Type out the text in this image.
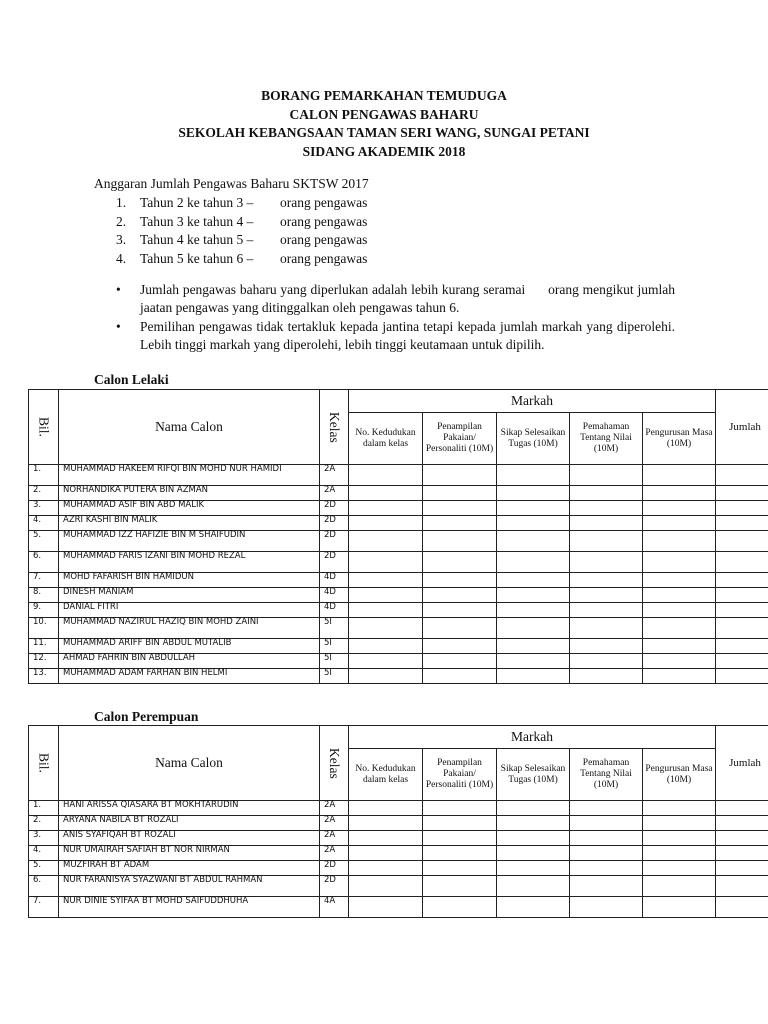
BORANG PEMARKAHAN TEMUDUGA
CALON PENGAWAS BAHARU
SEKOLAH KEBANGSAAN TAMAN SERI WANG, SUNGAI PETANI
SIDANG AKADEMIK 2018
Anggaran Jumlah Pengawas Baharu SKTSW 2017
1.	Tahun 2 ke tahun 3 –	orang pengawas
2.	Tahun 3 ke tahun 4 –	orang pengawas
3.	Tahun 4 ke tahun 5 –	orang pengawas
4.	Tahun 5 ke tahun 6 –	orang pengawas
• Jumlah pengawas baharu yang diperlukan adalah lebih kurang seramai      orang mengikut jumlah jaatan pengawas yang ditinggalkan oleh pengawas tahun 6.
• Pemilihan pengawas tidak tertakluk kepada jantina tetapi kepada jumlah markah yang diperolehi. Lebih tinggi markah yang diperolehi, lebih tinggi keutamaan untuk dipilih.
Calon Lelaki
Bil.	Nama Calon	Kelas	Markah					Jumlah
			No. Kedudukan dalam kelas	Penampilan Pakaian/ Personaliti (10M)	Sikap Selesaikan Tugas (10M)	Pemahaman Tentang Nilai (10M)	Pengurusan Masa (10M)	
1.	MUHAMMAD HAKEEM RIFQI BIN MOHD NUR HAMIDI	2A						
2.	NORHANDIKA PUTERA BIN AZMAN	2A						
3.	MUHAMMAD ASIF BIN ABD MALIK	2D						
4.	AZRI KASHI BIN MALIK	2D						
5.	MUHAMMAD IZZ HAFIZIE BIN M SHAIFUDIN	2D						
6.	MUHAMMAD FARIS IZANI BIN MOHD REZAL	2D						
7.	MOHD FAFARISH BIN HAMIDUN	4D						
8.	DINESH MANIAM	4D						
9.	DANIAL FITRI	4D						
10.	MUHAMMAD NAZIRUL HAZIQ BIN MOHD ZAINI	5I						
11.	MUHAMMAD ARIFF BIN ABDUL MUTALIB	5I						
12.	AHMAD FAHRIN BIN ABDULLAH	5I						
13.	MUHAMMAD ADAM FARHAN BIN HELMI	5I						
Calon Perempuan
Bil.	Nama Calon	Kelas	Markah					Jumlah
			No. Kedudukan dalam kelas	Penampilan Pakaian/ Personaliti (10M)	Sikap Selesaikan Tugas (10M)	Pemahaman Tentang Nilai (10M)	Pengurusan Masa (10M)	
1.	HANI ARISSA QIASARA BT MOKHTARUDIN	2A						
2.	ARYANA NABILA BT ROZALI	2A						
3.	ANIS SYAFIQAH BT ROZALI	2A						
4.	NUR UMAIRAH SAFIAH BT NOR NIRMAN	2A						
5.	MUZFIRAH BT ADAM	2D						
6.	NUR FARANISYA SYAZWANI BT ABDUL RAHMAN	2D						
7.	NUR DINIE SYIFAA BT MOHD SAIFUDDHUHA	4A						
